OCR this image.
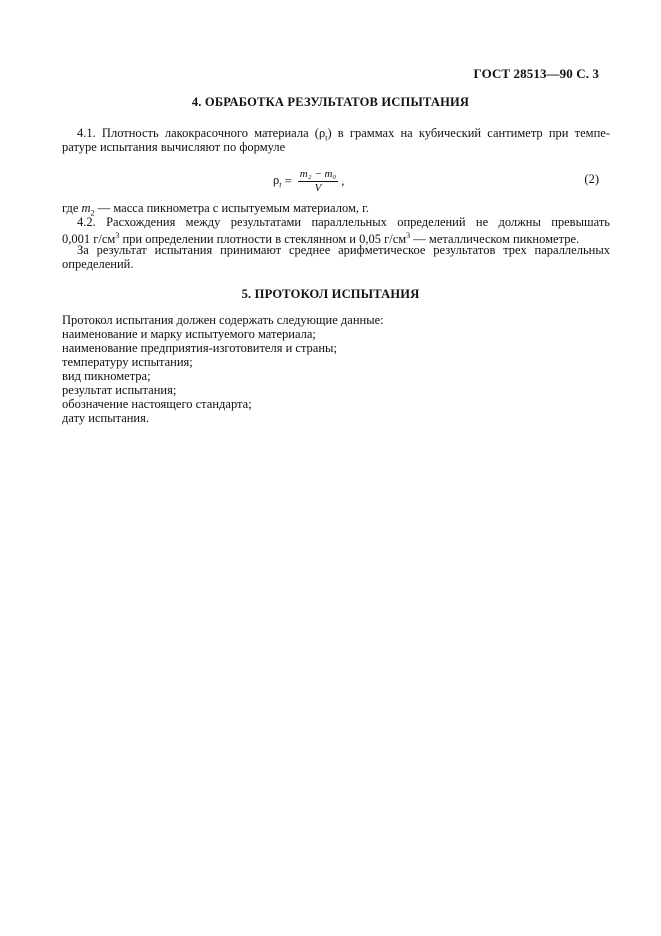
ГОСТ 28513—90 С. 3
4. ОБРАБОТКА РЕЗУЛЬТАТОВ ИСПЫТАНИЯ
4.1. Плотность лакокрасочного материала $(\rho_t)$ в граммах на кубический сантиметр при темпе-
ратуре испытания вычисляют по формуле
$\rho_t = \frac{\text{m₂ − m₀}}{V}$ ,	(2)
где $m_2$ — масса пикнометра с испытуемым материалом, г.
4.2. Расхождения между результатами параллельных определений не должны превышать
0,001 $г/см^3$ при определении плотности в стеклянном и 0,05 $г/см^3$ — металлическом пикнометре.
За результат испытания принимают среднее арифметическое результатов трех параллельных
определений.
5. ПРОТОКОЛ ИСПЫТАНИЯ
Протокол испытания должен содержать следующие данные:
наименование и марку испытуемого материала;
наименование предприятия-изготовителя и страны;
температуру испытания;
вид пикнометра;
результат испытания;
обозначение настоящего стандарта;
дату испытания.
